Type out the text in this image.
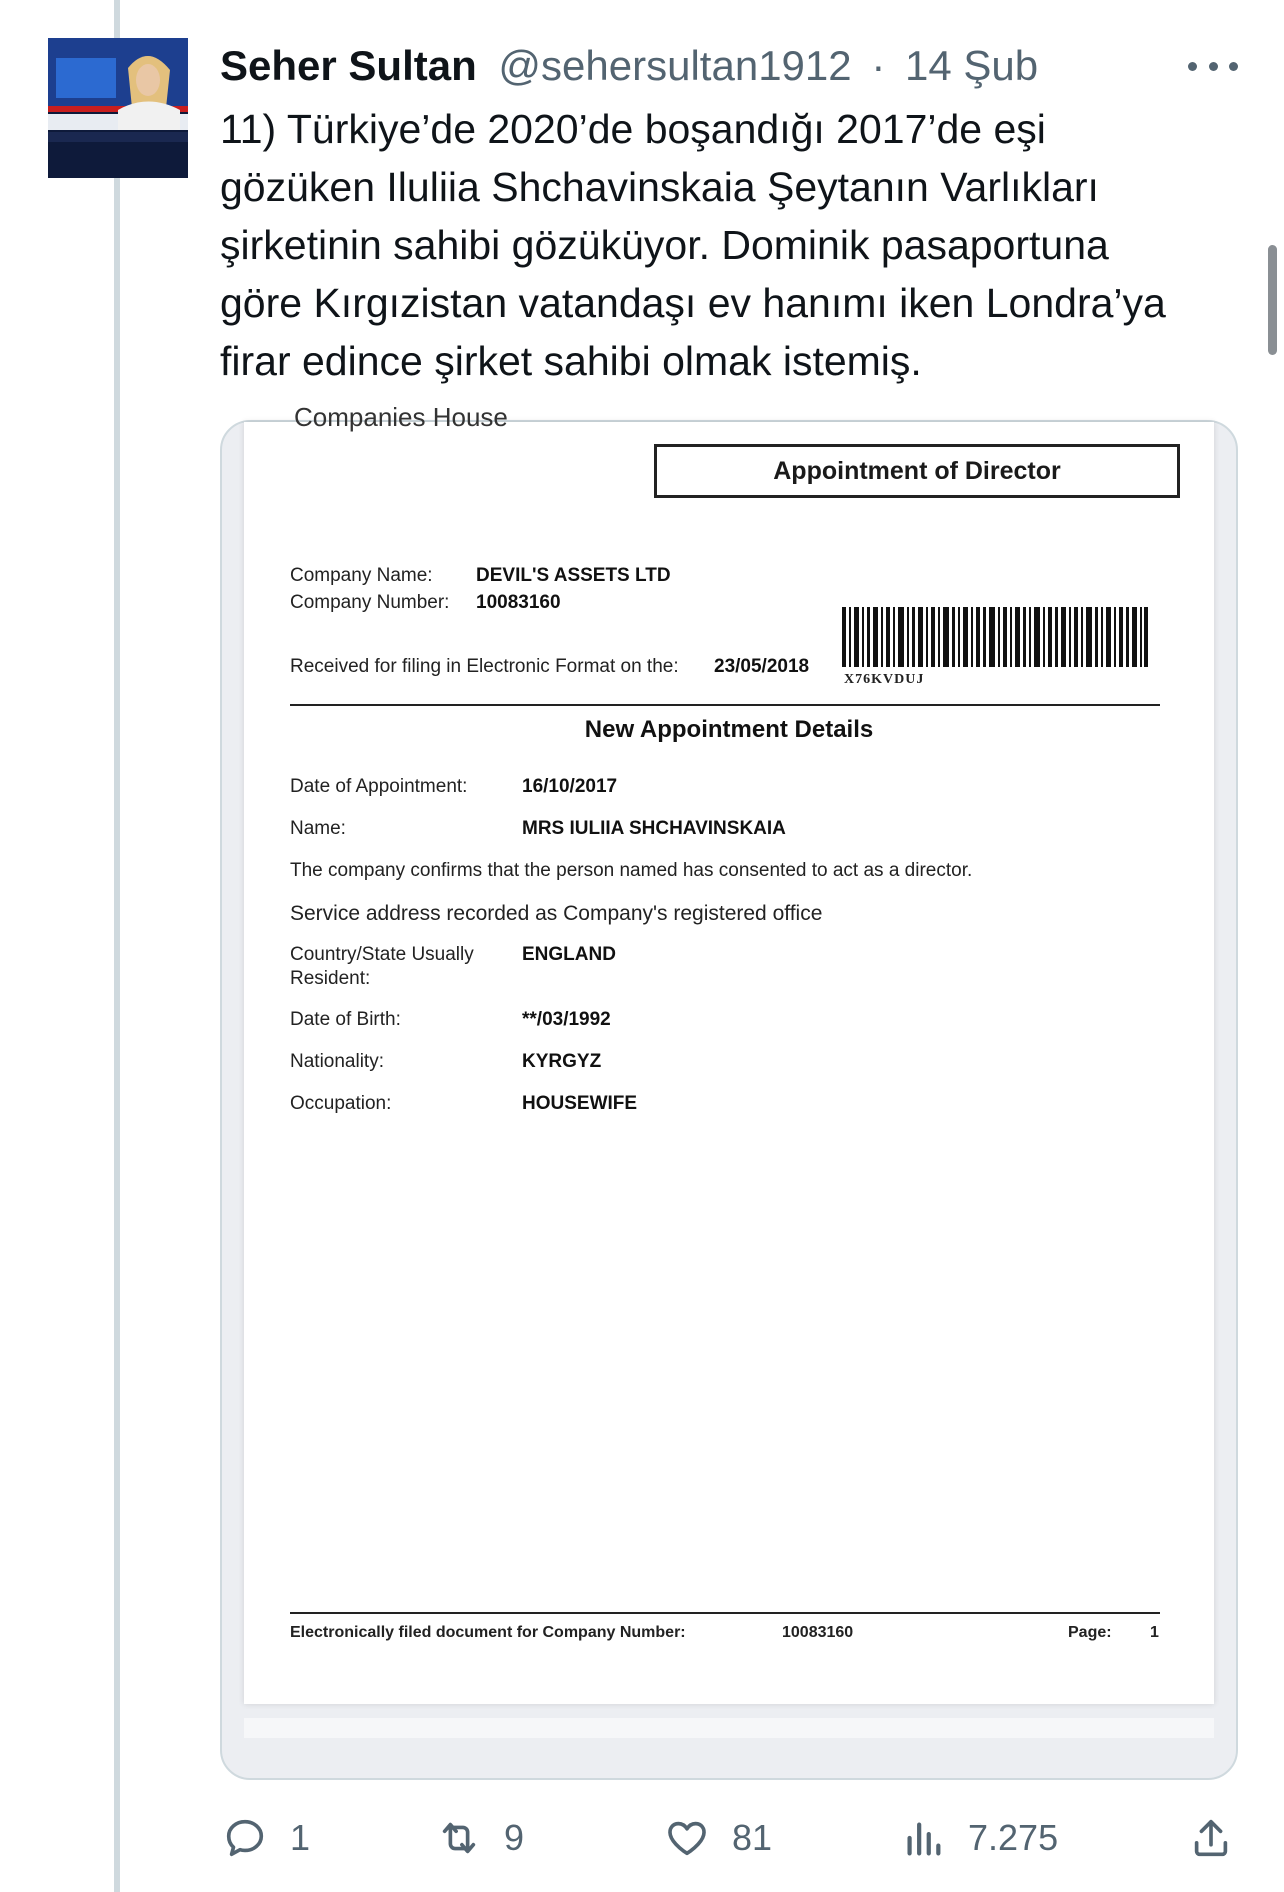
Seher Sultan @sehersultan1912 · 14 Şub
11) Türkiye’de 2020’de boşandığı 2017’de eşi
gözüken Iluliia Shchavinskaia Şeytanın Varlıkları
şirketinin sahibi gözüküyor. Dominik pasaportuna
göre Kırgızistan vatandaşı ev hanımı iken Londra’ya
firar edince şirket sahibi olmak istemiş.
Companies House
Appointment of Director
Company Name: DEVIL'S ASSETS LTD
Company Number: 10083160
X76KVDUJ
Received for filing in Electronic Format on the: 23/05/2018
New Appointment Details
Date of Appointment:	16/10/2017
Name:	MRS IULIIA SHCHAVINSKAIA
The company confirms that the person named has consented to act as a director.
Service address recorded as Company's registered office
Country/State Usually
Resident:
ENGLAND
Date of Birth:	**/03/1992
Nationality:	KYRGYZ
Occupation:	HOUSEWIFE
Electronically filed document for Company Number:	10083160	Page: 1
1	9	81	7.275
